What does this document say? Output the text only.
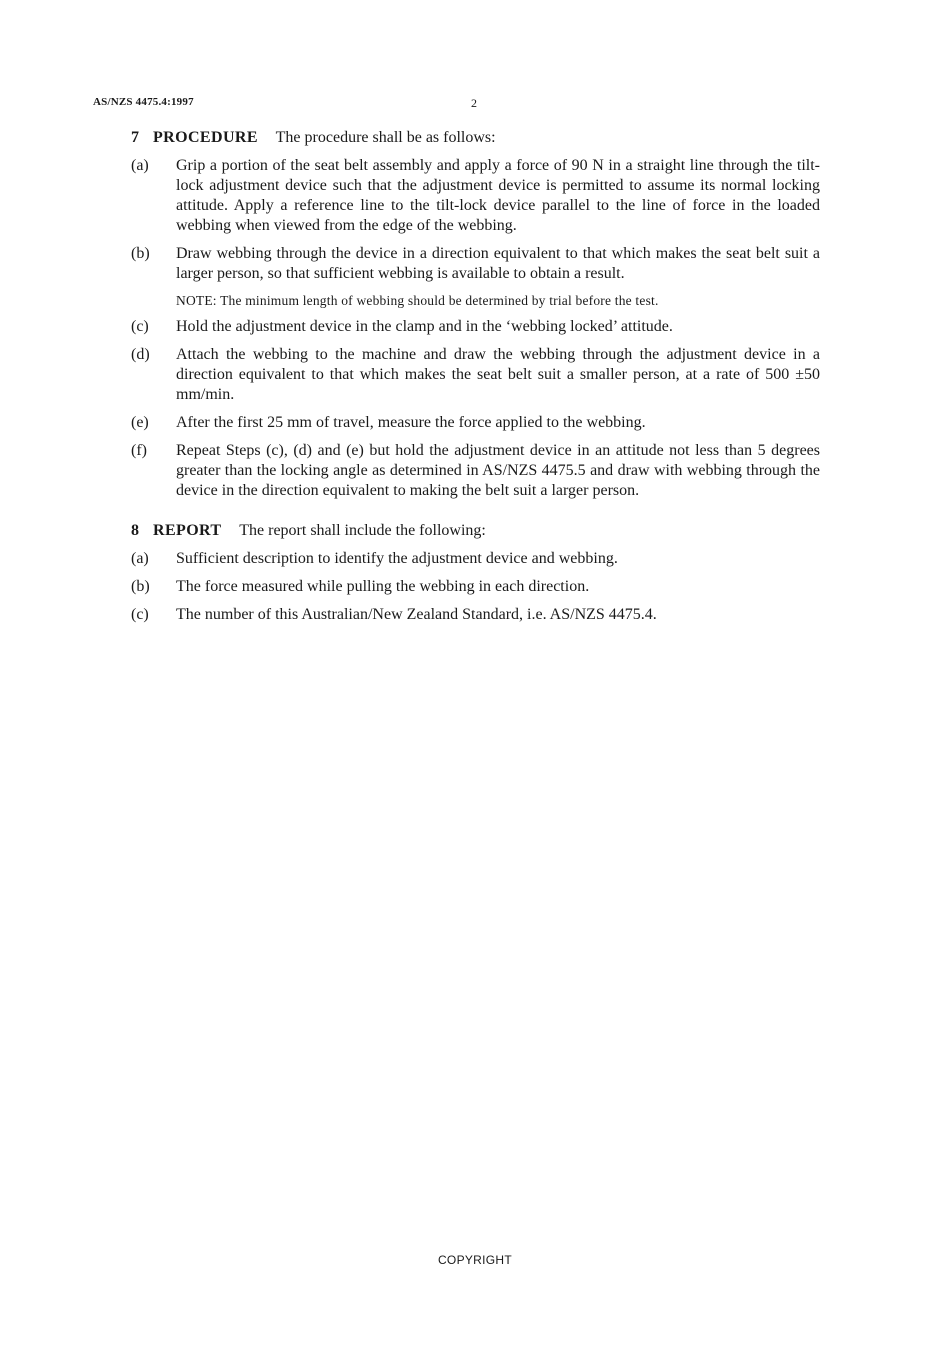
AS/NZS 4475.4:1997	2

7 PROCEDURE The procedure shall be as follows:

(a)	Grip a portion of the seat belt assembly and apply a force of 90 N in a straight line through the tilt-lock adjustment device such that the adjustment device is permitted to assume its normal locking attitude. Apply a reference line to the tilt-lock device parallel to the line of force in the loaded webbing when viewed from the edge of the webbing.
(b)	Draw webbing through the device in a direction equivalent to that which makes the seat belt suit a larger person, so that sufficient webbing is available to obtain a result.

NOTE: The minimum length of webbing should be determined by trial before the test.

(c)	Hold the adjustment device in the clamp and in the ‘webbing locked’ attitude.
(d)	Attach the webbing to the machine and draw the webbing through the adjustment device in a direction equivalent to that which makes the seat belt suit a smaller person, at a rate of 500 ±50 mm/min.
(e)	After the first 25 mm of travel, measure the force applied to the webbing.
(f)	Repeat Steps (c), (d) and (e) but hold the adjustment device in an attitude not less than 5 degrees greater than the locking angle as determined in AS/NZS 4475.5 and draw with webbing through the device in the direction equivalent to making the belt suit a larger person.

8 REPORT The report shall include the following:

(a)	Sufficient description to identify the adjustment device and webbing.
(b)	The force measured while pulling the webbing in each direction.
(c)	The number of this Australian/New Zealand Standard, i.e. AS/NZS 4475.4.
COPYRIGHT
